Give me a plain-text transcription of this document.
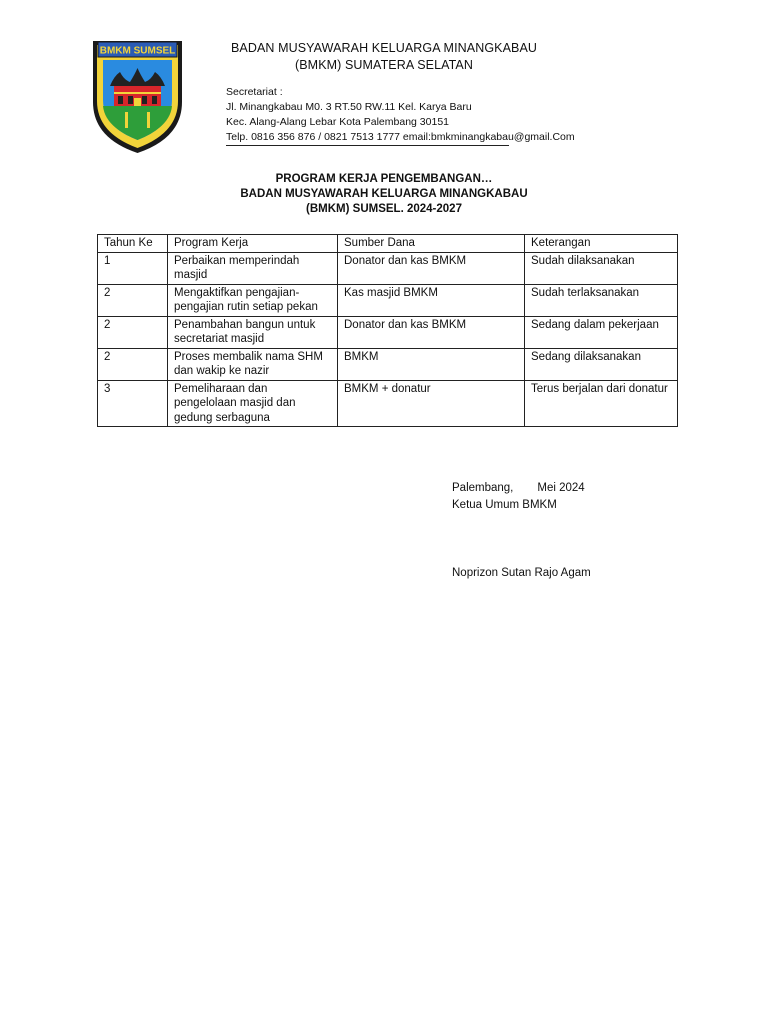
BMKM SUMSEL	BADAN MUSYAWARAH KELUARGA MINANGKABAU
(BMKM) SUMATERA SELATAN
Secretariat :
Jl. Minangkabau M0. 3 RT.50 RW.11 Kel. Karya Baru
Kec. Alang-Alang Lebar Kota Palembang 30151
Telp. 0816 356 876 / 0821 7513 1777 email:bmkminangkabau@gmail.Com
PROGRAM KERJA PENGEMBANGAN…
BADAN MUSYAWARAH KELUARGA MINANGKABAU
(BMKM) SUMSEL. 2024-2027
Tahun Ke	Program Kerja	Sumber Dana	Keterangan
1	Perbaikan memperindah masjid	Donator dan kas BMKM	Sudah dilaksanakan
2	Mengaktifkan pengajian-pengajian rutin setiap pekan	Kas masjid BMKM	Sudah terlaksanakan
2	Penambahan bangun untuk secretariat masjid	Donator dan kas BMKM	Sedang dalam pekerjaan
2	Proses membalik nama SHM dan wakip ke nazir	BMKM	Sedang dilaksanakan
3	Pemeliharaan dan pengelolaan masjid dan gedung serbaguna	BMKM + donatur	Terus berjalan dari donatur
Palembang, Mei 2024
Ketua Umum BMKM
Noprizon Sutan Rajo Agam
